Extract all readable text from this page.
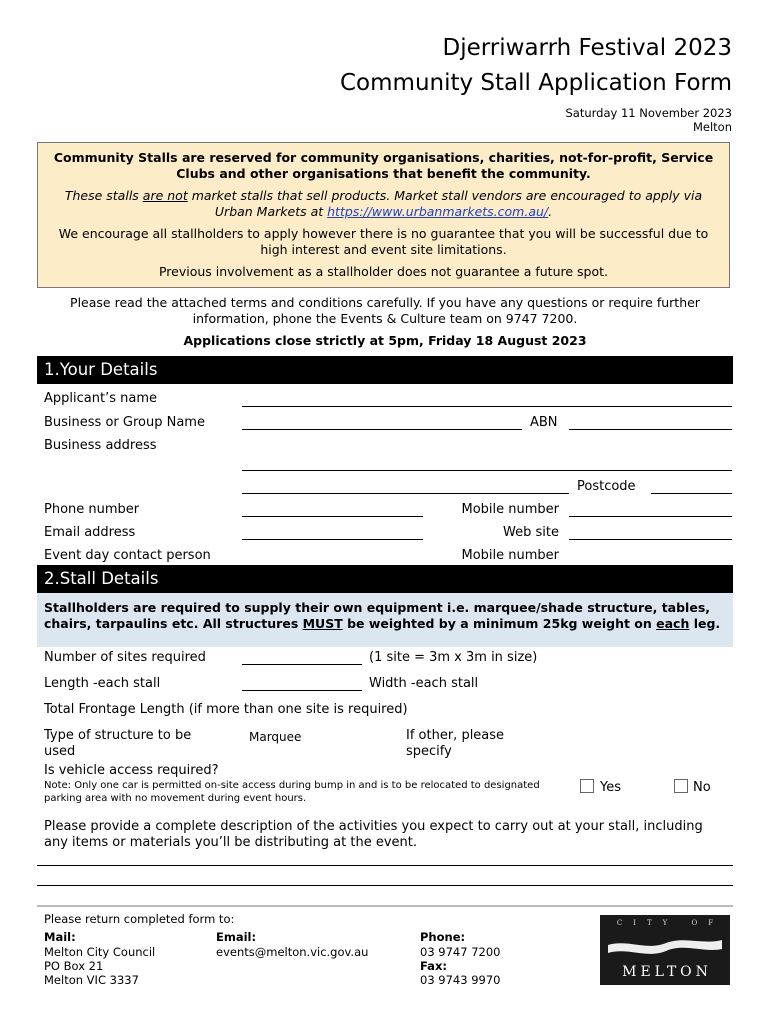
Djerriwarrh Festival 2023
Community Stall Application Form
Saturday 11 November 2023
Melton

Community Stalls are reserved for community organisations, charities, not-for-profit, Service Clubs and other organisations that benefit the community.

These stalls are not market stalls that sell products. Market stall vendors are encouraged to apply via Urban Markets at https://www.urbanmarkets.com.au/.

We encourage all stallholders to apply however there is no guarantee that you will be successful due to high interest and event site limitations.

Previous involvement as a stallholder does not guarantee a future spot.

Please read the attached terms and conditions carefully. If you have any questions or require further information, phone the Events & Culture team on 9747 7200.
Applications close strictly at 5pm, Friday 18 August 2023
1.Your Details
Applicant’s name
Business or Group Name	ABN
Business address
Postcode
Phone number	Mobile number
Email address	Web site
Event day contact person	Mobile number
2.Stall Details

Stallholders are required to supply their own equipment i.e. marquee/shade structure, tables, chairs, tarpaulins etc. All structures MUST be weighted by a minimum 25kg weight on each leg.

Number of sites required	(1 site = 3m x 3m in size)
Length -each stall	Width -each stall
Total Frontage Length (if more than one site is required)
Type of structure to be used
Marquee	If other, please specify
Is vehicle access required?
Note: Only one car is permitted on-site access during bump in and is to be relocated to designated parking area with no movement during event hours.
Yes	No
Please provide a complete description of the activities you expect to carry out at your stall, including any items or materials you’ll be distributing at the event.
Please return completed form to:
Mail:
Melton City Council
PO Box 21
Melton VIC 3337
Email:
events@melton.vic.gov.au
Phone:
03 9747 7200
Fax:
03 9743 9970
CITY OF
MELTON
